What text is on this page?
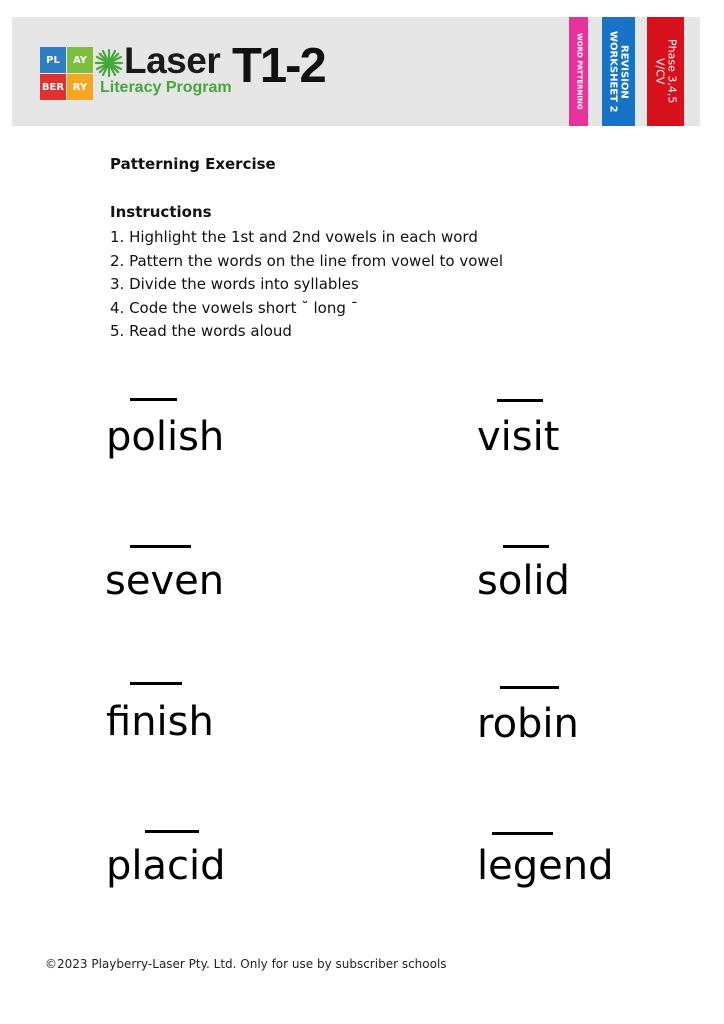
PL	AY
BER RY
Laser
Literacy Program T1-2	WORD PATTERNING	REVISION
WORKSHEET 2
Phase 3,4,5
V/CV
Patterning Exercise
Instructions
1. Highlight the 1st and 2nd vowels in each word
2. Pattern the words on the line from vowel to vowel
3. Divide the words into syllables
4. Code the vowels short ˘ long ¯
5. Read the words aloud
polish	visit
seven	solid
finish	robin
placid	legend
©2023 Playberry-Laser Pty. Ltd. Only for use by subscriber schools
